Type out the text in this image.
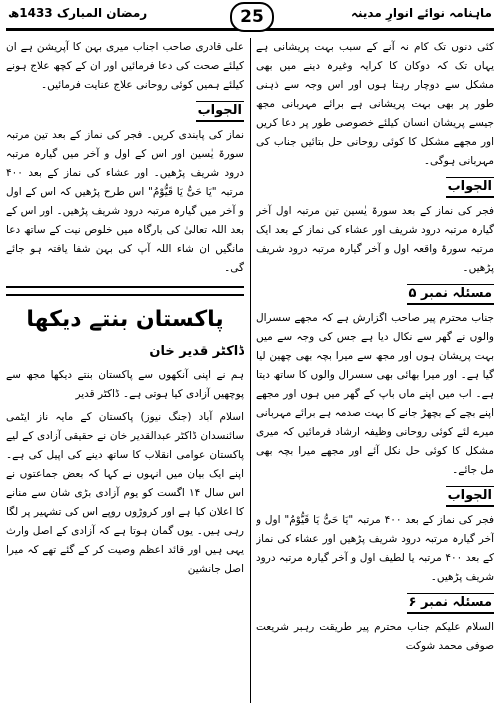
رمضان المبارک 1433ھ	ماہنامہ نوائے انوارِ مدینہ
25

کئی دنوں تک کام نہ آنے کے سبب بہت پریشانی ہے یہاں تک کہ دوکان کا کرایہ وغیرہ دینے میں بھی مشکل سے دوچار رہتا ہوں اور اس وجہ سے ذہنی طور پر بھی بہت پریشانی ہے برائے مہربانی مجھ جیسے پریشان انسان کیلئے خصوصی طور پر دعا کریں اور مجھے مشکل کا کوئی روحانی حل بتائیں جناب کی مہربانی ہوگی۔

الجواب

فجر کی نماز کے بعد سورۃ یٰسین تین مرتبہ اول آخر گیارہ مرتبہ درود شریف اور عشاء کی نماز کے بعد ایک مرتبہ سورۃ واقعہ اول و آخر گیارہ مرتبہ درود شریف پڑھیں۔

مسئلہ نمبر ۵

جناب محترم پیر صاحب اگزارش ہے کہ مجھے سسرال والوں نے گھر سے نکال دیا ہے جس کی وجہ سے میں بہت پریشان ہوں اور مجھ سے میرا بچہ بھی چھین لیا گیا ہے۔ اور میرا بھائی بھی سسرال والوں کا ساتھ دیتا ہے۔ اب میں اپنے ماں باپ کے گھر میں ہوں اور مجھے اپنے بچے کے بچھڑ جانے کا بہت صدمہ ہے برائے مہربانی میرے لئے کوئی روحانی وظیفہ ارشاد فرمائیں کہ میری مشکل کا کوئی حل نکل آئے اور مجھے میرا بچہ بھی مل جائے۔

الجواب

فجر کی نماز کے بعد ۴۰۰ مرتبہ "یَا حَیُّ یَا قَیُّوْمُ" اول و آخر گیارہ مرتبہ درود شریف پڑھیں اور عشاء کی نماز کے بعد ۴۰۰ مرتبہ یا لطیف اول و آخر گیارہ مرتبہ درود شریف پڑھیں۔

مسئلہ نمبر ۶

السلام علیکم جناب محترم پیر طریقت رہبر شریعت صوفی محمد شوکت

علی قادری صاحب اجناب میری بہن کا آپریشن ہے ان کیلئے صحت کی دعا فرمائیں اور ان کے کچھ علاج ہونے کیلئے ہمیں کوئی روحانی علاج عنایت فرمائیں۔

الجواب

نماز کی پابندی کریں۔ فجر کی نماز کے بعد تین مرتبہ سورۃ یٰسین اور اس کے اول و آخر میں گیارہ مرتبہ درود شریف پڑھیں۔ اور عشاء کی نماز کے بعد ۴۰۰ مرتبہ "یَا حَیُّ یَا قَیُّوْمُ" اس طرح پڑھیں کہ اس کے اول و آخر میں گیارہ مرتبہ درود شریف پڑھیں۔ اور اس کے بعد اللہ تعالیٰ کی بارگاہ میں خلوص نیت کے ساتھ دعا مانگیں ان شاء اللہ آپ کی بہن شفا یافتہ ہو جائے گی۔

پاکستان بنتے دیکھا
ڈاکٹر قدیر خان

ہم نے اپنی آنکھوں سے پاکستان بنتے دیکھا مجھ سے پوچھیں آزادی کیا ہوتی ہے۔ ڈاکٹر قدیر

اسلام آباد (جنگ نیوز) پاکستان کے مایہ ناز ایٹمی سائنسدان ڈاکٹر عبدالقدیر خان نے حقیقی آزادی کے لیے پاکستان عوامی انقلاب کا ساتھ دینے کی اپیل کی ہے۔ اپنے ایک بیان میں انہوں نے کہا کہ بعض جماعتوں نے اس سال ۱۴ اگست کو یوم آزادی بڑی شان سے منانے کا اعلان کیا ہے اور کروڑوں روپے اس کی تشہیر پر لگا رہی ہیں۔ یوں گمان ہوتا ہے کہ آزادی کے اصل وارث یہی ہیں اور قائد اعظم وصیت کر کے گئے تھے کہ میرا اصل جانشین
